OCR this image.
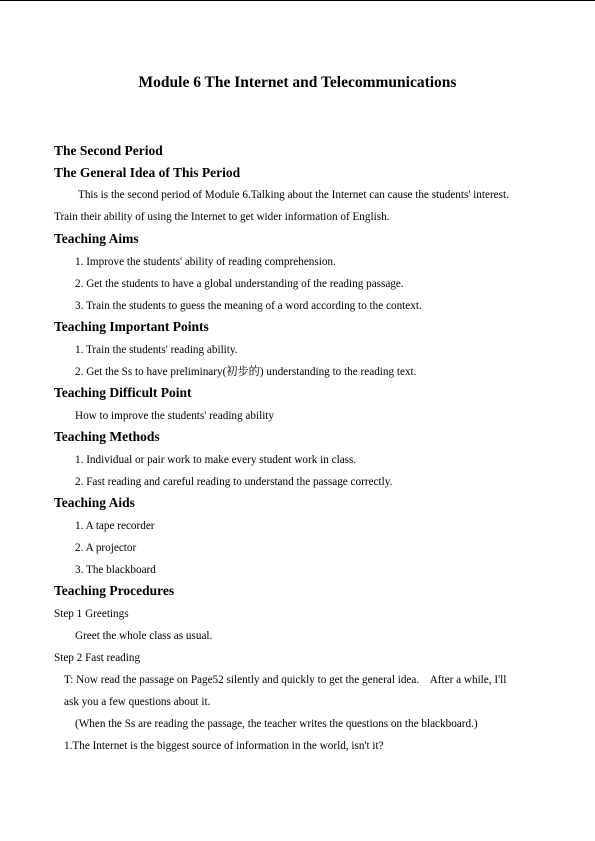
Module 6 The Internet and Telecommunications
The Second Period
The General Idea of This Period
This is the second period of Module 6.Talking about the Internet can cause the students' interest.
Train their ability of using the Internet to get wider information of English.
Teaching Aims
1. Improve the students' ability of reading comprehension.
2. Get the students to have a global understanding of the reading passage.
3. Train the students to guess the meaning of a word according to the context.
Teaching Important Points
1. Train the students' reading ability.
2. Get the Ss to have preliminary(初步的) understanding to the reading text.
Teaching Difficult Point
How to improve the students' reading ability
Teaching Methods
1. Individual or pair work to make every student work in class.
2. Fast reading and careful reading to understand the passage correctly.
Teaching Aids
1. A tape recorder
2. A projector
3. The blackboard
Teaching Procedures
Step 1 Greetings
Greet the whole class as usual.
Step 2 Fast reading
T: Now read the passage on Page52 silently and quickly to get the general idea.    After a while, I'll
ask you a few questions about it.
(When the Ss are reading the passage, the teacher writes the questions on the blackboard.)
1.The Internet is the biggest source of information in the world, isn't it?
